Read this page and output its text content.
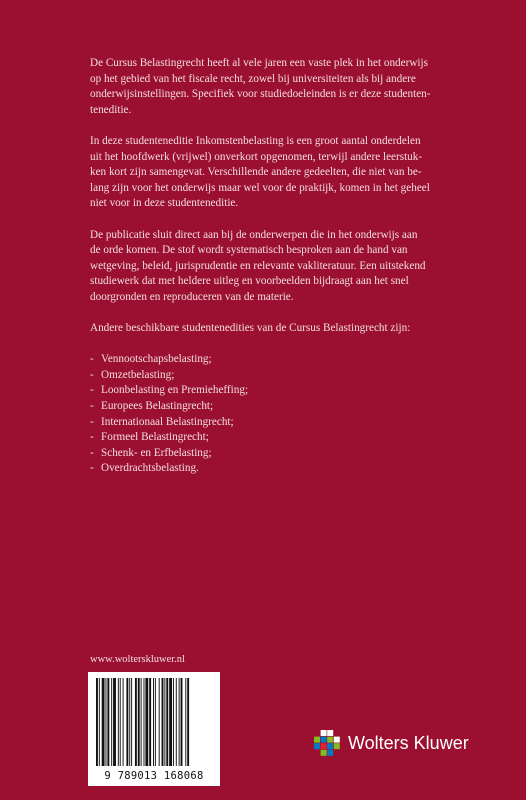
De Cursus Belastingrecht heeft al vele jaren een vaste plek in het onderwijs
op het gebied van het fiscale recht, zowel bij universiteiten als bij andere
onderwijsinstellingen. Specifiek voor studiedoeleinden is er deze studenten-
teneditie.

In deze studenteneditie Inkomstenbelasting is een groot aantal onderdelen
uit het hoofdwerk (vrijwel) onverkort opgenomen, terwijl andere leerstuk-
ken kort zijn samengevat. Verschillende andere gedeelten, die niet van be-
lang zijn voor het onderwijs maar wel voor de praktijk, komen in het geheel
niet voor in deze studenteneditie.

De publicatie sluit direct aan bij de onderwerpen die in het onderwijs aan
de orde komen. De stof wordt systematisch besproken aan de hand van
wetgeving, beleid, jurisprudentie en relevante vakliteratuur. Een uitstekend
studiewerk dat met heldere uitleg en voorbeelden bijdraagt aan het snel
doorgronden en reproduceren van de materie.

Andere beschikbare studentenedities van de Cursus Belastingrecht zijn:

- Vennootschapsbelasting;
- Omzetbelasting;
- Loonbelasting en Premieheffing;
- Europees Belastingrecht;
- Internationaal Belastingrecht;
- Formeel Belastingrecht;
- Schenk- en Erfbelasting;
- Overdrachtsbelasting.
www.wolterskluwer.nl
9 789013 168068
Wolters Kluwer
